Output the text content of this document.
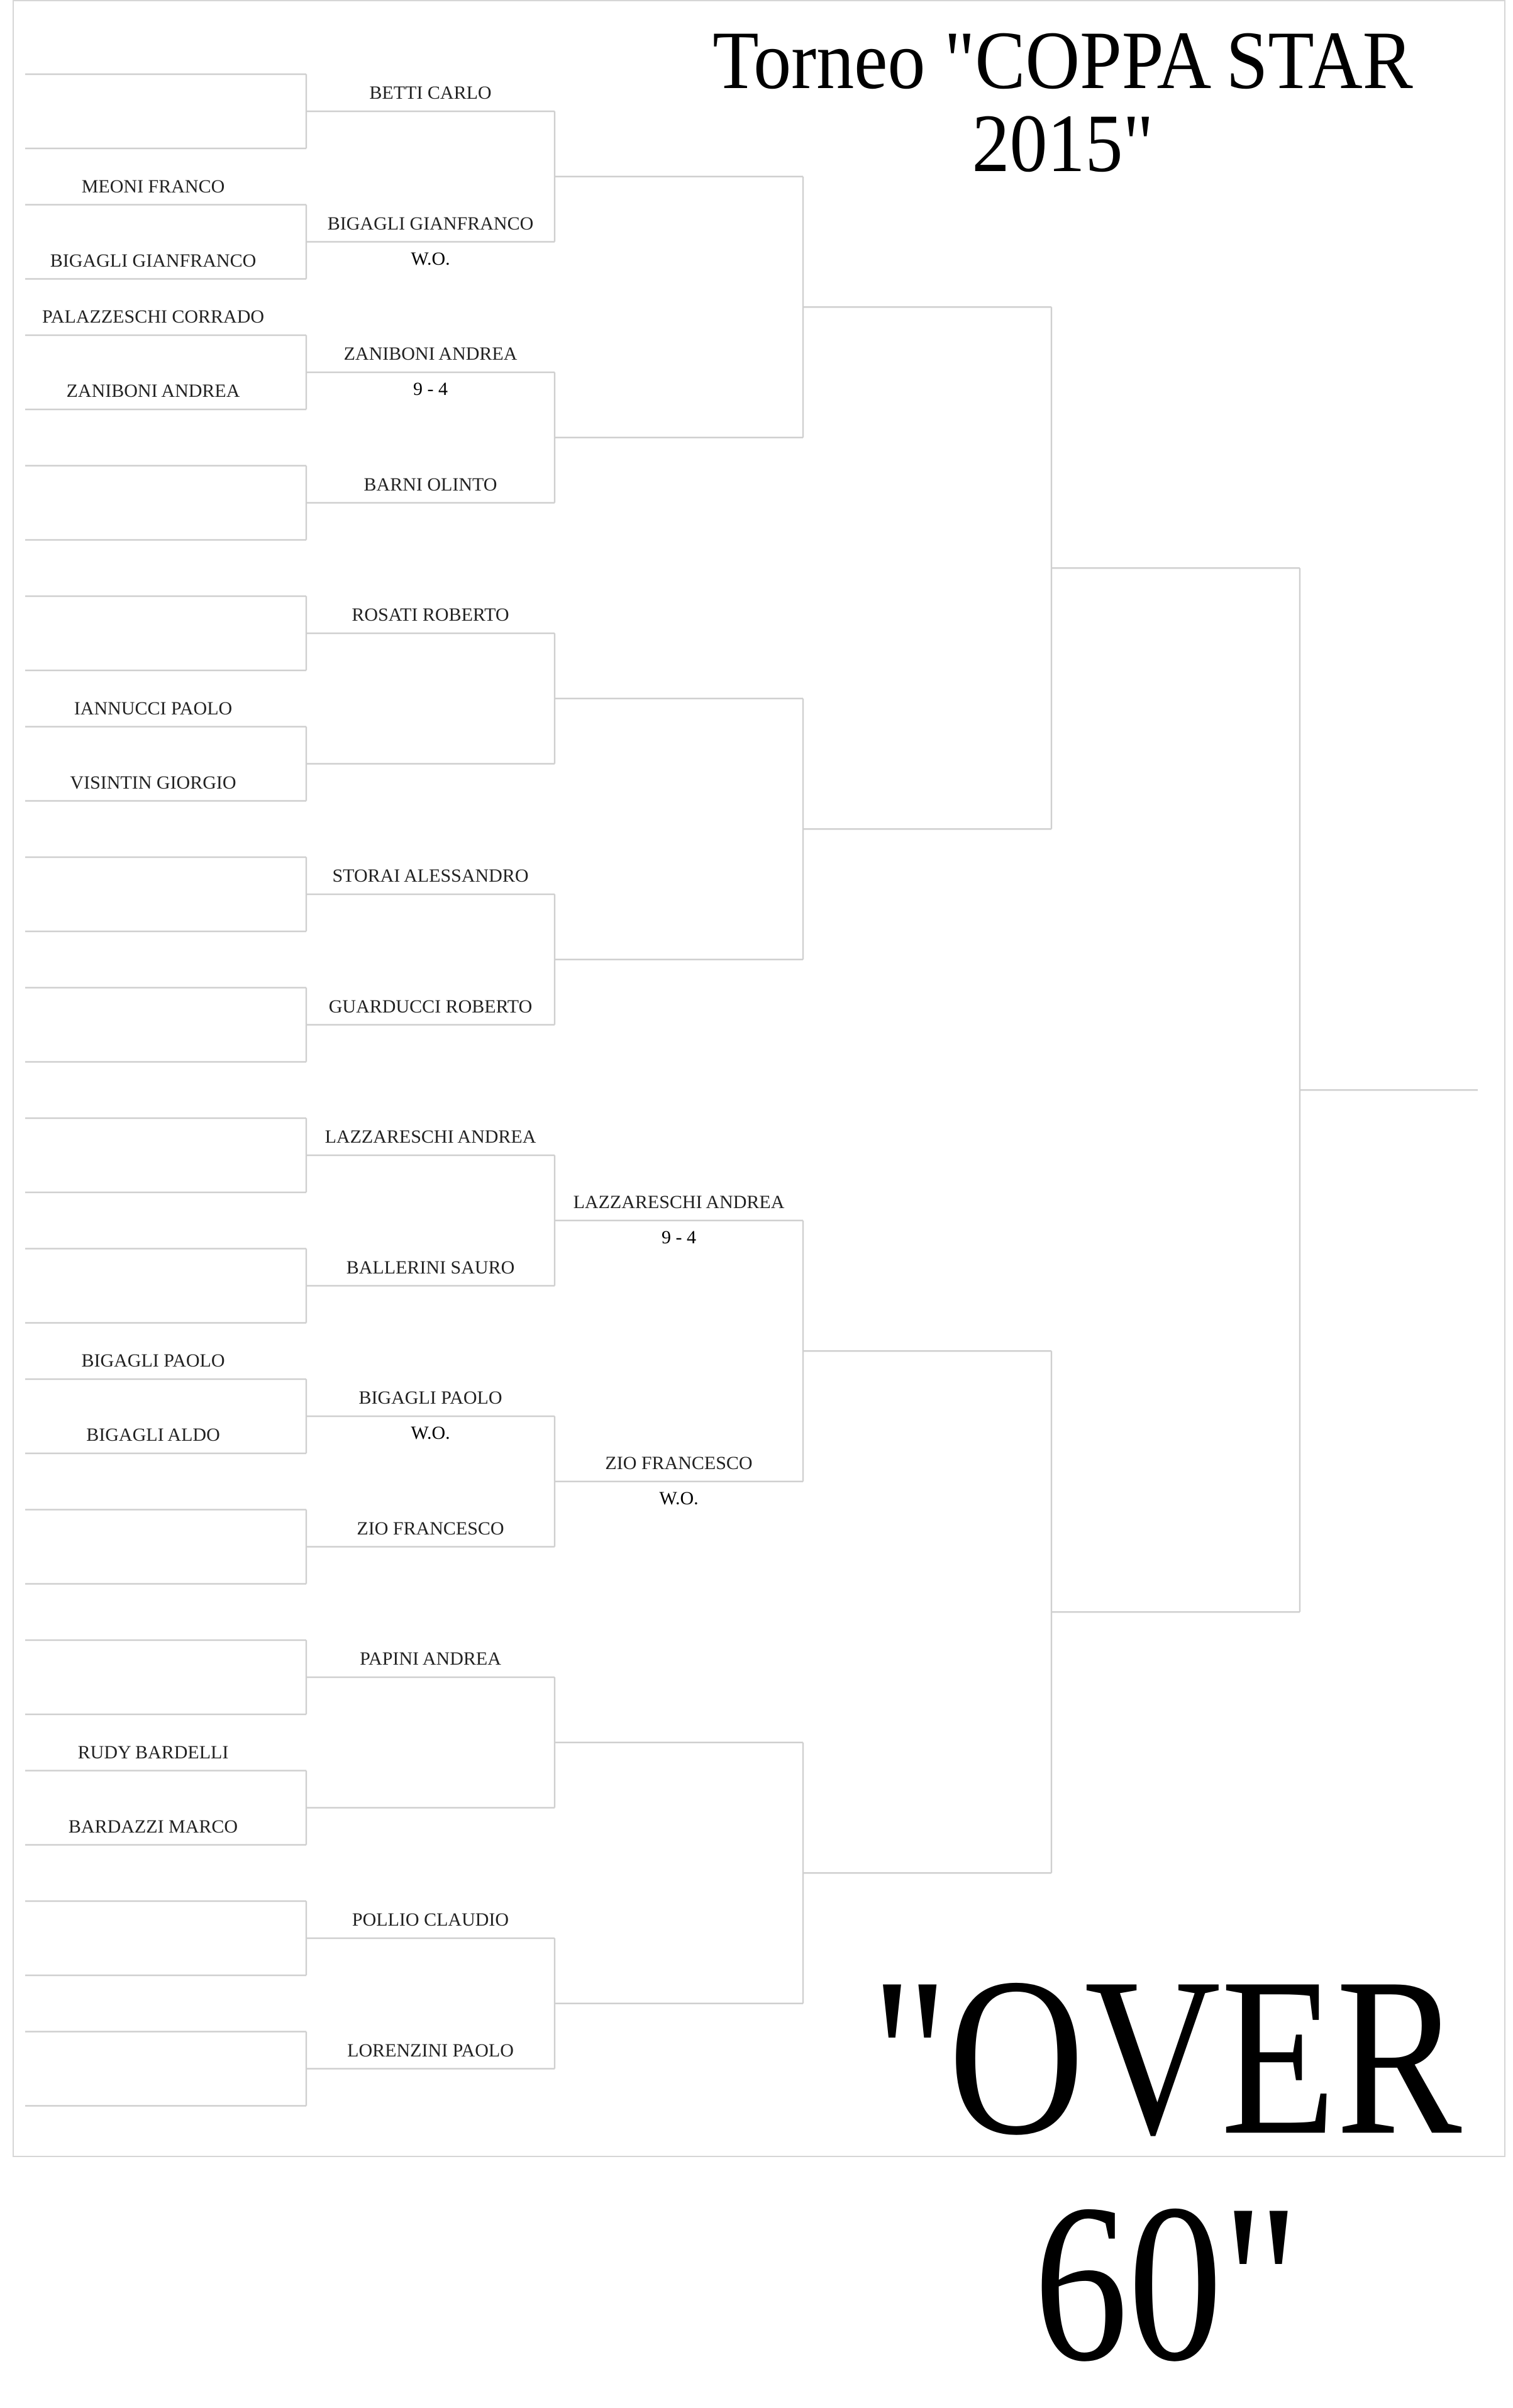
Torneo "COPPA STAR 2015"
MEONI FRANCO
BIGAGLI GIANFRANCO
PALAZZESCHI CORRADO
ZANIBONI ANDREA
IANNUCCI PAOLO
VISINTIN GIORGIO
BIGAGLI PAOLO
BIGAGLI ALDO
RUDY BARDELLI
BARDAZZI MARCO
BETTI CARLO
BIGAGLI GIANFRANCO
W.O.
ZANIBONI ANDREA
9 - 4
BARNI OLINTO
ROSATI ROBERTO
STORAI ALESSANDRO
GUARDUCCI ROBERTO
LAZZARESCHI ANDREA
BALLERINI SAURO
BIGAGLI PAOLO
W.O.
ZIO FRANCESCO
PAPINI ANDREA
POLLIO CLAUDIO
LORENZINI PAOLO
LAZZARESCHI ANDREA
9 - 4
ZIO FRANCESCO
W.O.
"OVER 60"
